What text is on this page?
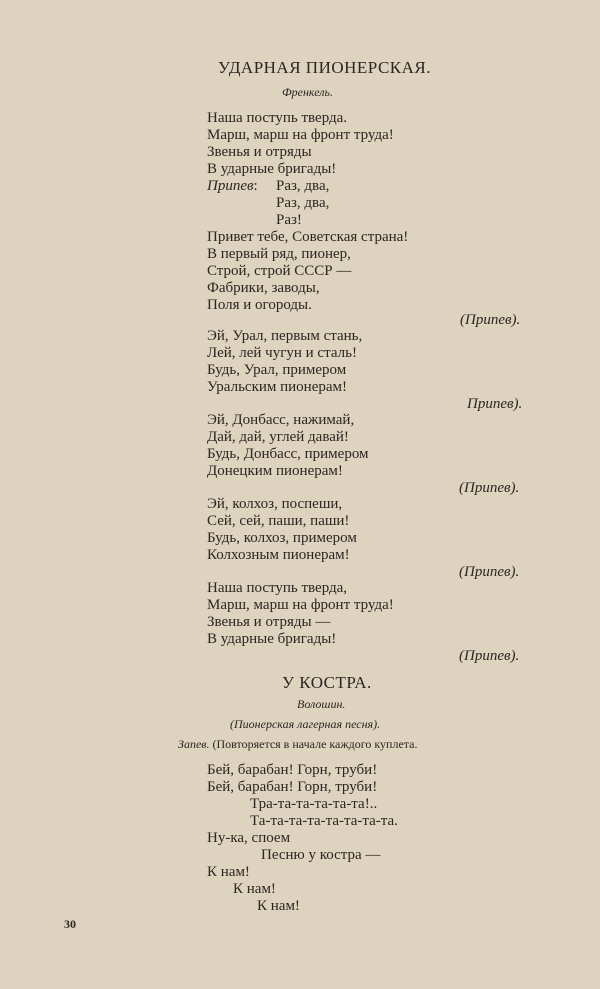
УДАРНАЯ ПИОНЕРСКАЯ.
Френкель.
Наша поступь тверда.
Марш, марш на фронт труда!
Звенья и отряды
В ударные бригады!
Припев: Раз, два,
Раз, два,
Раз!
Привет тебе, Советская страна!
В первый ряд, пионер,
Строй, строй СССР —
Фабрики, заводы,
Поля и огороды.
(Припев).
Эй, Урал, первым стань,
Лей, лей чугун и сталь!
Будь, Урал, примером
Уральским пионерам!
Припев).
Эй, Донбасс, нажимай,
Дай, дай, углей давай!
Будь, Донбасс, примером
Донецким пионерам!
(Припев).
Эй, колхоз, поспеши,
Сей, сей, паши, паши!
Будь, колхоз, примером
Колхозным пионерам!
(Припев).
Наша поступь тверда,
Марш, марш на фронт труда!
Звенья и отряды —
В ударные бригады!
(Припев).
У КОСТРА.
Волошин.
(Пионерская лагерная песня).
Запев. (Повторяется в начале каждого куплета.
Бей, барабан! Горн, труби!
Бей, барабан! Горн, труби!
Тра-та-та-та-та-та!..
Та-та-та-та-та-та-та-та.
Ну-ка, споем
Песню у костра —
К нам!
К нам!
К нам!
30
